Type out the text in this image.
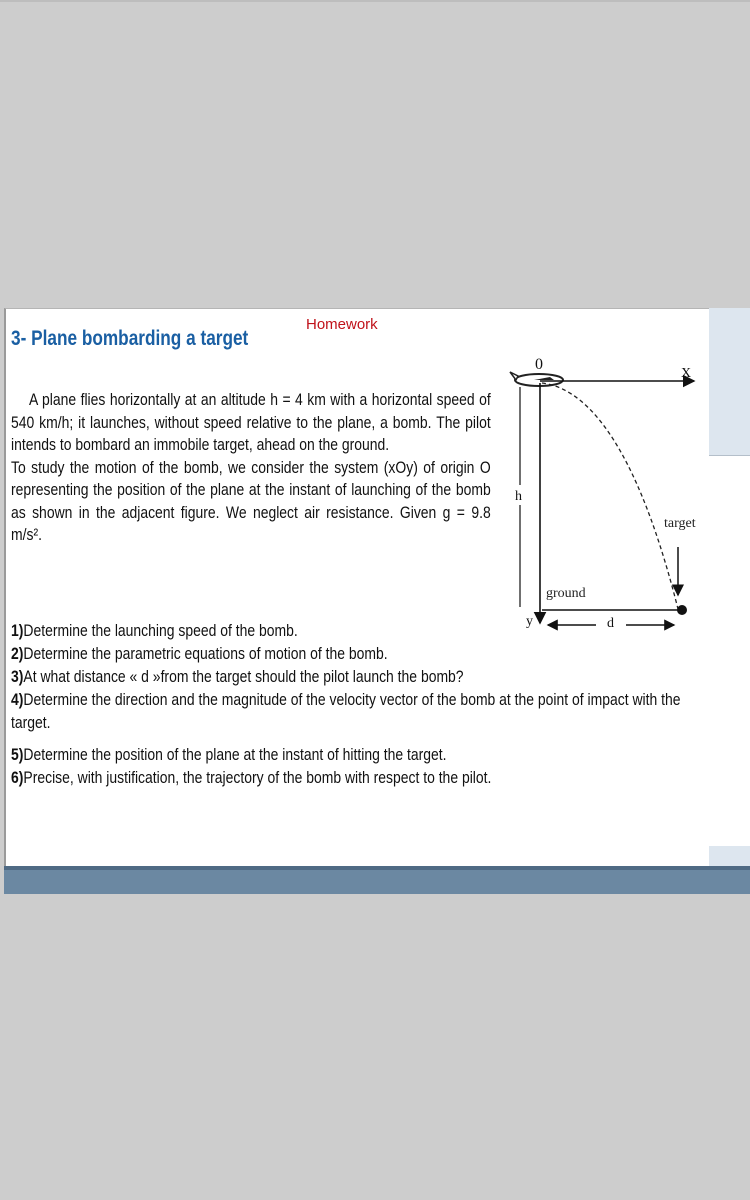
Homework
3- Plane bombarding a target

A plane flies horizontally at an altitude h = 4 km with a horizontal speed of 540 km/h; it launches, without speed relative to the plane, a bomb. The pilot intends to bombard an immobile target, ahead on the ground.

To study the motion of the bomb, we consider the system (xOy) of origin O representing the position of the plane at the instant of launching of the bomb as shown in the adjacent figure. We neglect air resistance. Given g = 9.8 m/s².

0
X
y
h
target
ground
d

1)Determine the launching speed of the bomb.

2)Determine the parametric equations of motion of the bomb.

3)At what distance « d »from the target should the pilot launch the bomb?

4)Determine the direction and the magnitude of the velocity vector of the bomb at the point of impact with the target.

5)Determine the position of the plane at the instant of hitting the target.

6)Precise, with justification, the trajectory of the bomb with respect to the pilot.
